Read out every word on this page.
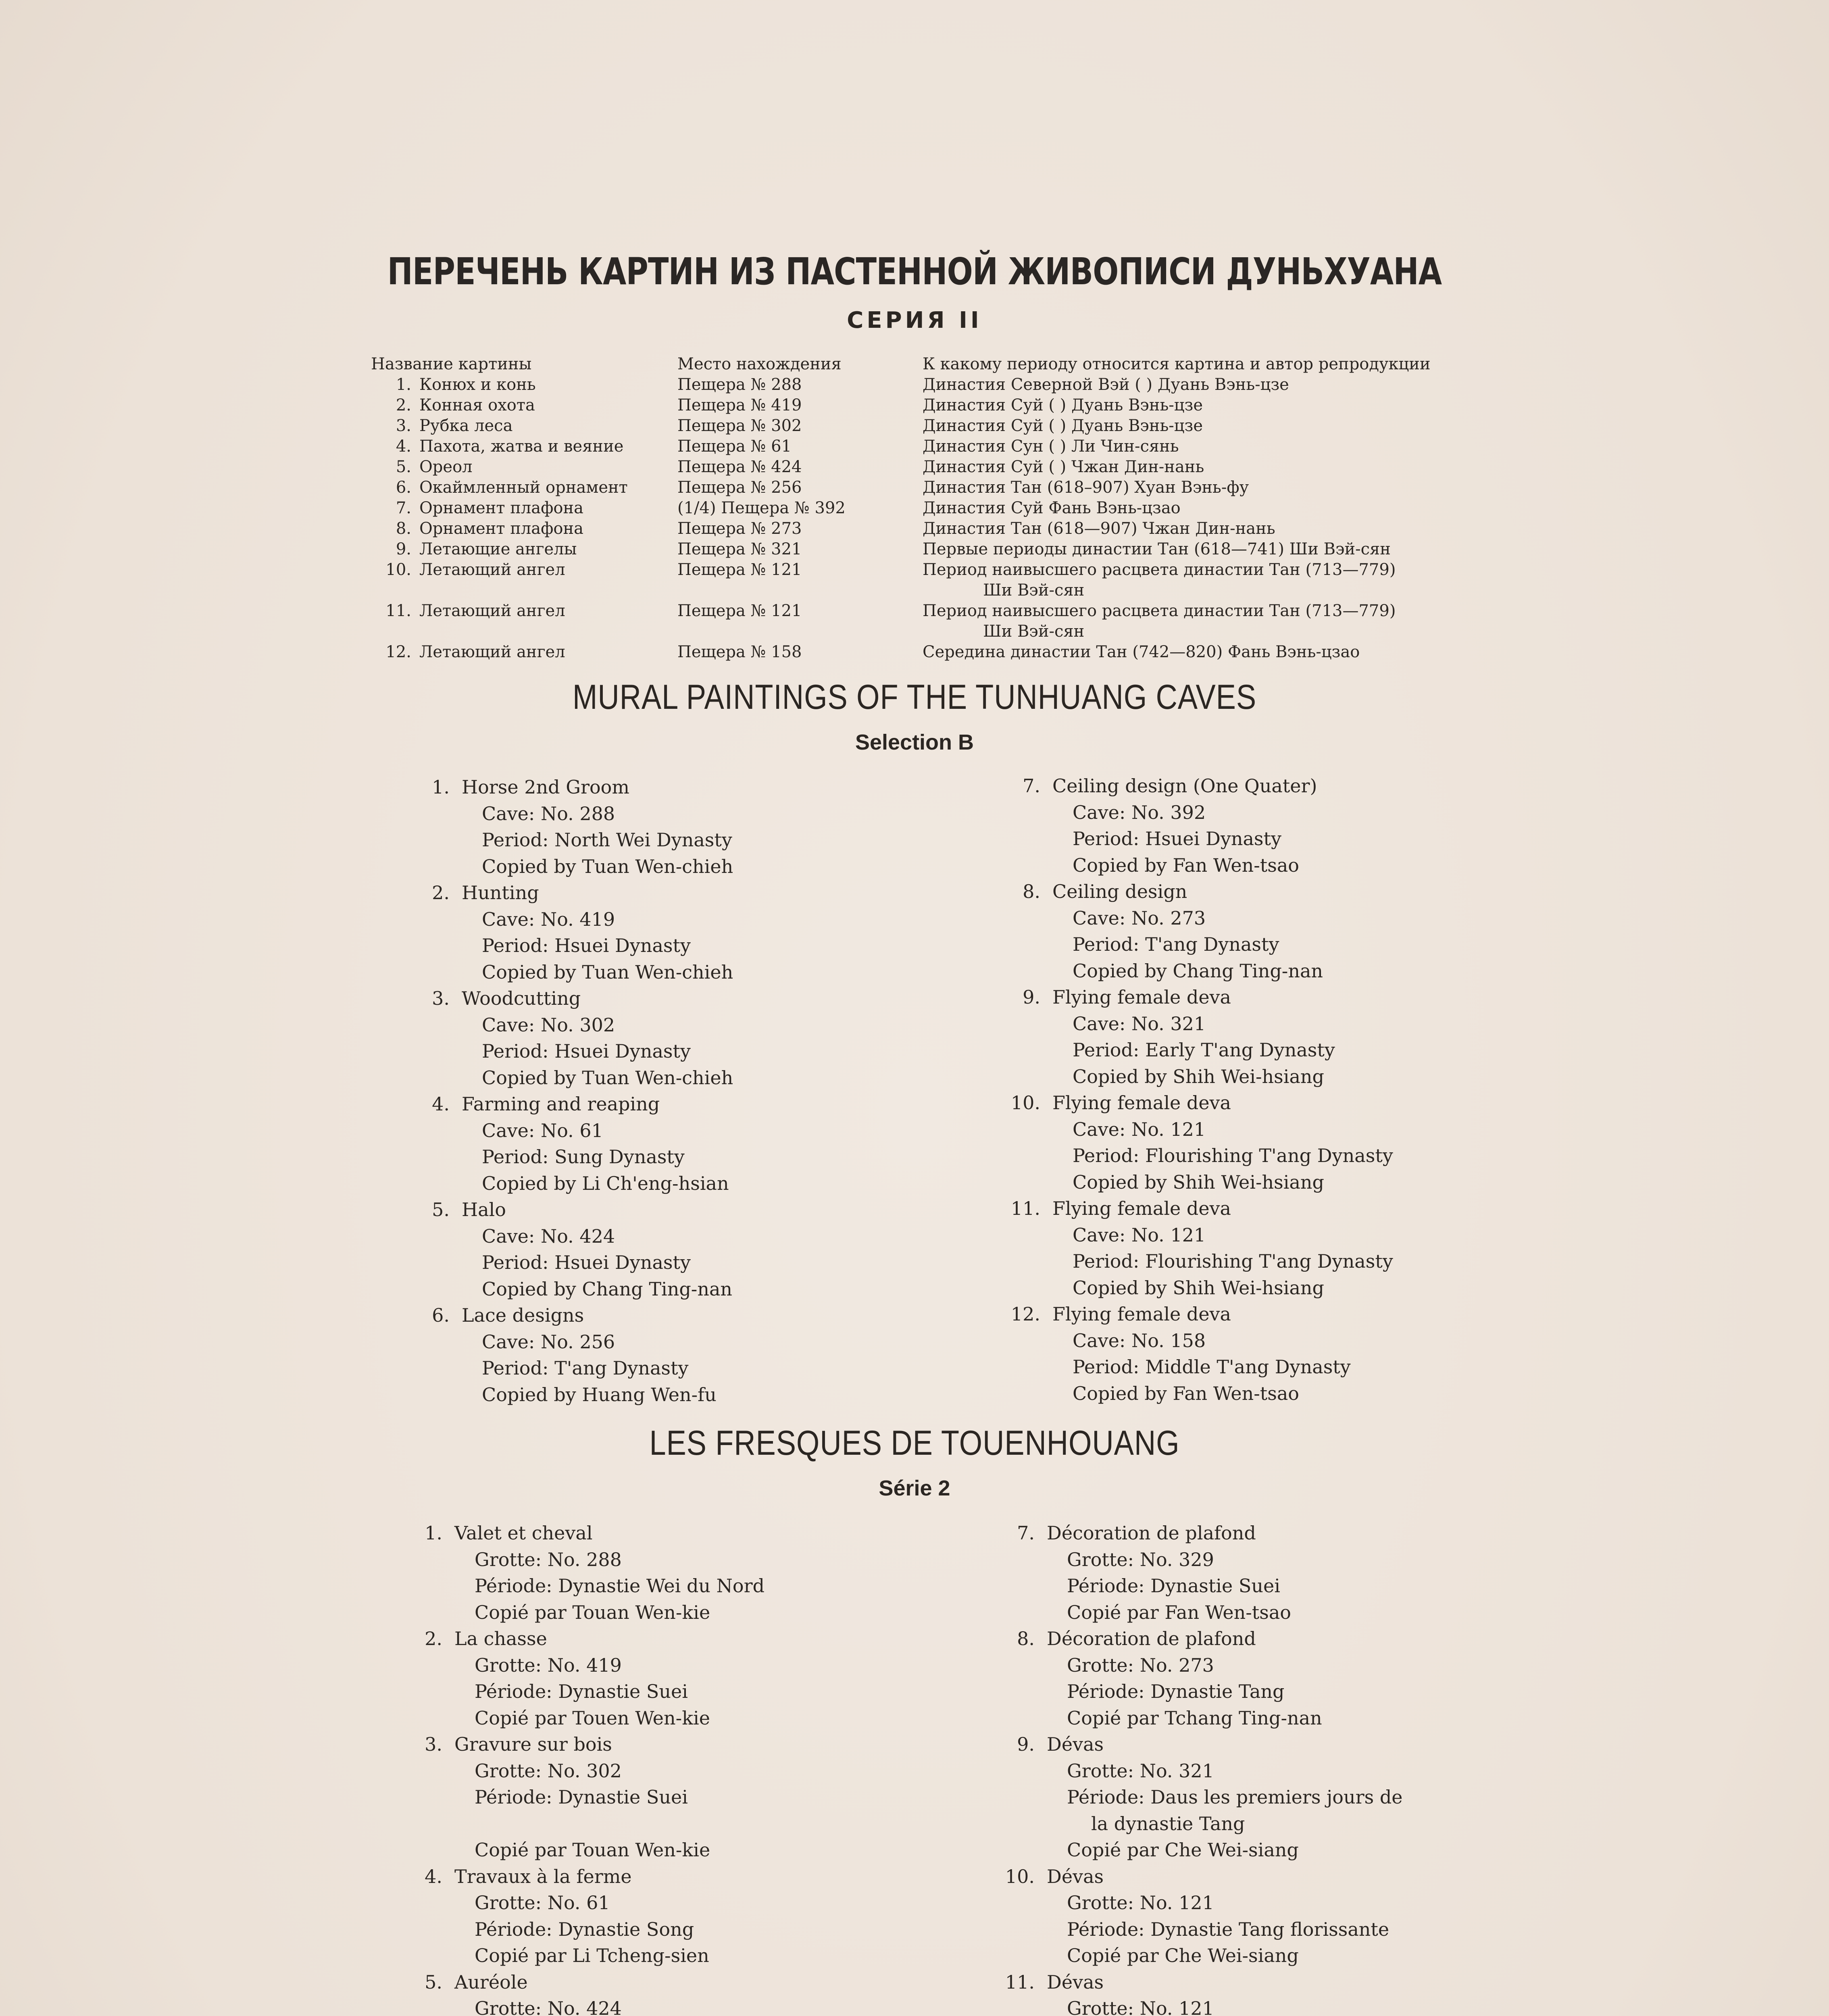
ПЕРЕЧЕНЬ КАРТИН ИЗ ПАСТЕННОЙ ЖИВОПИСИ ДУНЬХУАНА
СЕРИЯ II
Название картины	Место нахождения	К какому периоду относится картина и автор репродукции
1. Конюх и конь	Пещера № 288	Династия Северной Вэй ( ) Дуань Вэнь-цзе
2. Конная охота	Пещера № 419	Династия Суй ( ) Дуань Вэнь-цзе
3. Рубка леса	Пещера № 302	Династия Суй ( ) Дуань Вэнь-цзе
4. Пахота, жатва и веяние	Пещера № 61	Династия Сун ( ) Ли Чин-сянь
5. Ореол	Пещера № 424	Династия Суй ( ) Чжан Дин-нань
6. Окаймленный орнамент	Пещера № 256	Династия Тан (618–907) Хуан Вэнь-фу
7. Орнамент плафона	(1/4) Пещера № 392	Династия Суй Фань Вэнь-цзао
8. Орнамент плафона	Пещера № 273	Династия Тан (618—907) Чжан Дин-нань
9. Летающие ангелы	Пещера № 321	Первые периоды династии Тан (618—741) Ши Вэй-сян
10. Летающий ангел	Пещера № 121	Период наивысшего расцвета династии Тан (713—779)
Ши Вэй-сян
11. Летающий ангел	Пещера № 121	Период наивысшего расцвета династии Тан (713—779)
Ши Вэй-сян
12. Летающий ангел	Пещера № 158	Середина династии Тан (742—820) Фань Вэнь-цзао
MURAL PAINTINGS OF THE TUNHUANG CAVES
Selection B
1. Horse 2nd Groom
Cave: No. 288
Period: North Wei Dynasty
Copied by Tuan Wen-chieh
2. Hunting
Cave: No. 419
Period: Hsuei Dynasty
Copied by Tuan Wen-chieh
3. Woodcutting
Cave: No. 302
Period: Hsuei Dynasty
Copied by Tuan Wen-chieh
4. Farming and reaping
Cave: No. 61
Period: Sung Dynasty
Copied by Li Ch'eng-hsian
5. Halo
Cave: No. 424
Period: Hsuei Dynasty
Copied by Chang Ting-nan
6. Lace designs
Cave: No. 256
Period: T'ang Dynasty
Copied by Huang Wen-fu
7. Ceiling design (One Quater)
Cave: No. 392
Period: Hsuei Dynasty
Copied by Fan Wen-tsao
8. Ceiling design
Cave: No. 273
Period: T'ang Dynasty
Copied by Chang Ting-nan
9. Flying female deva
Cave: No. 321
Period: Early T'ang Dynasty
Copied by Shih Wei-hsiang
10. Flying female deva
Cave: No. 121
Period: Flourishing T'ang Dynasty
Copied by Shih Wei-hsiang
11. Flying female deva
Cave: No. 121
Period: Flourishing T'ang Dynasty
Copied by Shih Wei-hsiang
12. Flying female deva
Cave: No. 158
Period: Middle T'ang Dynasty
Copied by Fan Wen-tsao
LES FRESQUES DE TOUENHOUANG
Série 2
1. Valet et cheval
Grotte: No. 288
Période: Dynastie Wei du Nord
Copié par Touan Wen-kie
2. La chasse
Grotte: No. 419
Période: Dynastie Suei
Copié par Touen Wen-kie
3. Gravure sur bois
Grotte: No. 302
Période: Dynastie Suei
Copié par Touan Wen-kie
4. Travaux à la ferme
Grotte: No. 61
Période: Dynastie Song
Copié par Li Tcheng-sien
5. Auréole
Grotte: No. 424
7. Décoration de plafond
Grotte: No. 329
Période: Dynastie Suei
Copié par Fan Wen-tsao
8. Décoration de plafond
Grotte: No. 273
Période: Dynastie Tang
Copié par Tchang Ting-nan
9. Dévas
Grotte: No. 321
Période: Daus les premiers jours de
la dynastie Tang
Copié par Che Wei-siang
10. Dévas
Grotte: No. 121
Période: Dynastie Tang florissante
Copié par Che Wei-siang
11. Dévas
Grotte: No. 121
